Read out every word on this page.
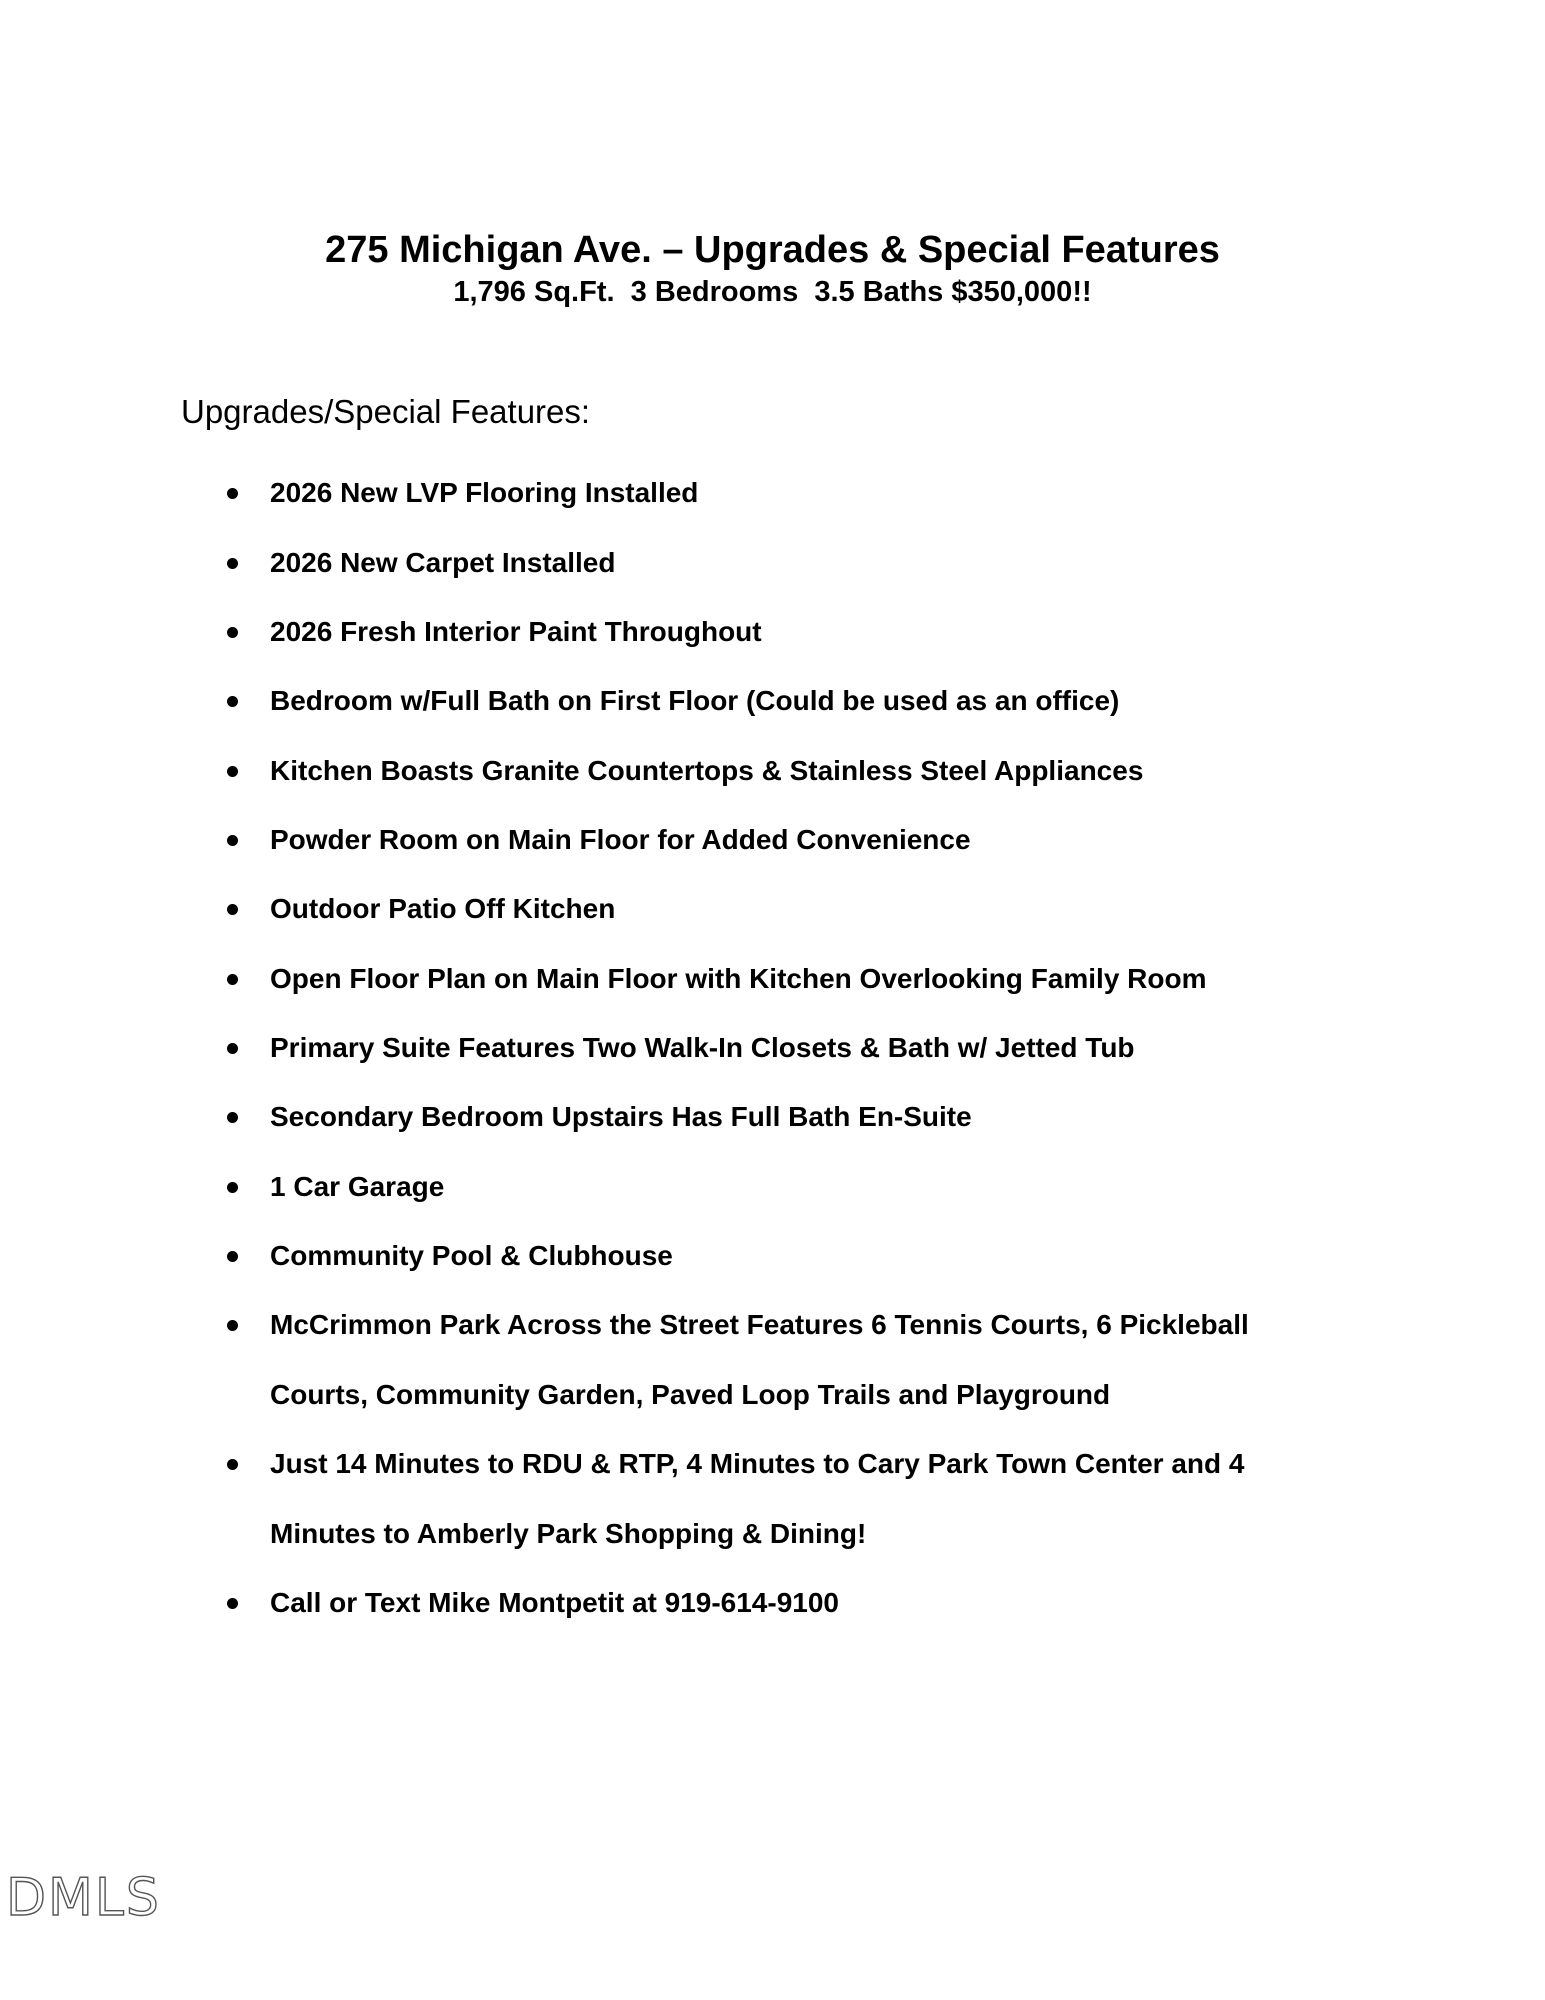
275 Michigan Ave. – Upgrades & Special Features
1,796 Sq.Ft.  3 Bedrooms  3.5 Baths $350,000!!
Upgrades/Special Features:
2026 New LVP Flooring Installed
2026 New Carpet Installed
2026 Fresh Interior Paint Throughout
Bedroom w/Full Bath on First Floor (Could be used as an office)
Kitchen Boasts Granite Countertops & Stainless Steel Appliances
Powder Room on Main Floor for Added Convenience
Outdoor Patio Off Kitchen
Open Floor Plan on Main Floor with Kitchen Overlooking Family Room
Primary Suite Features Two Walk-In Closets & Bath w/ Jetted Tub
Secondary Bedroom Upstairs Has Full Bath En-Suite
1 Car Garage
Community Pool & Clubhouse
McCrimmon Park Across the Street Features 6 Tennis Courts, 6 Pickleball Courts, Community Garden, Paved Loop Trails and Playground
Just 14 Minutes to RDU & RTP, 4 Minutes to Cary Park Town Center and 4 Minutes to Amberly Park Shopping & Dining!
Call or Text Mike Montpetit at 919-614-9100
DMLS
